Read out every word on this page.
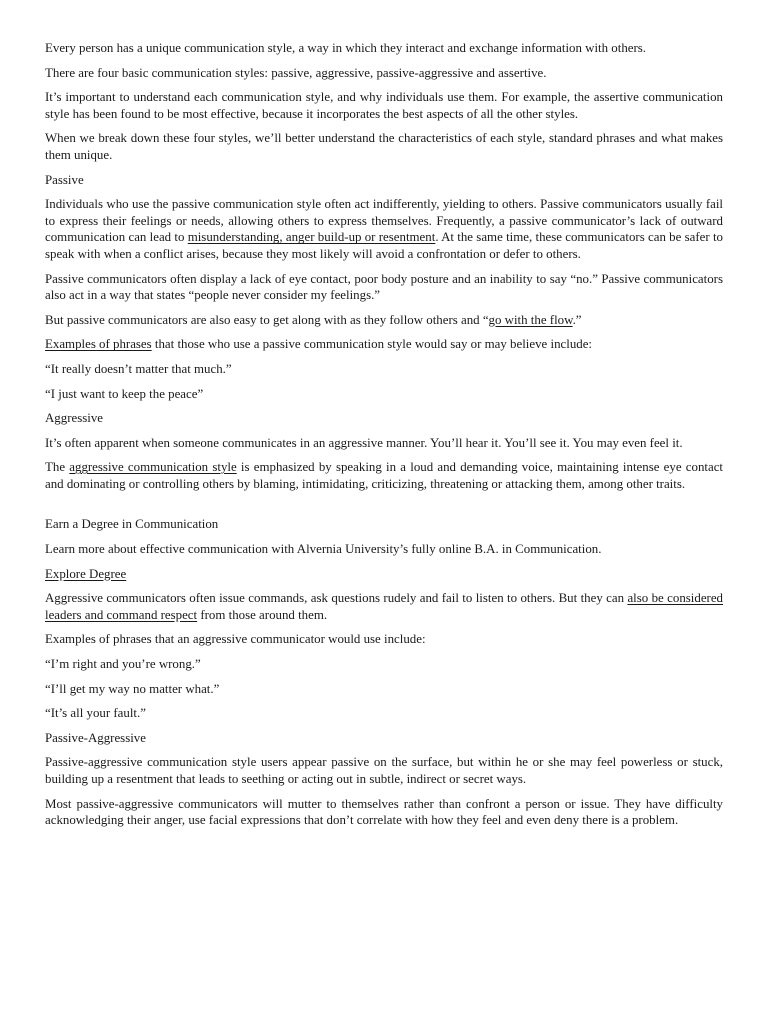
Every person has a unique communication style, a way in which they interact and exchange information with others.

There are four basic communication styles: passive, aggressive, passive-aggressive and assertive.

It’s important to understand each communication style, and why individuals use them. For example, the assertive communication style has been found to be most effective, because it incorporates the best aspects of all the other styles.

When we break down these four styles, we’ll better understand the characteristics of each style, standard phrases and what makes them unique.

Passive

Individuals who use the passive communication style often act indifferently, yielding to others. Passive communicators usually fail to express their feelings or needs, allowing others to express themselves. Frequently, a passive communicator’s lack of outward communication can lead to misunderstanding, anger build-up or resentment. At the same time, these communicators can be safer to speak with when a conflict arises, because they most likely will avoid a confrontation or defer to others.

Passive communicators often display a lack of eye contact, poor body posture and an inability to say “no.” Passive communicators also act in a way that states “people never consider my feelings.”

But passive communicators are also easy to get along with as they follow others and “go with the flow.”

Examples of phrases that those who use a passive communication style would say or may believe include:

“It really doesn’t matter that much.”

“I just want to keep the peace”

Aggressive

It’s often apparent when someone communicates in an aggressive manner. You’ll hear it. You’ll see it. You may even feel it.

The aggressive communication style is emphasized by speaking in a loud and demanding voice, maintaining intense eye contact and dominating or controlling others by blaming, intimidating, criticizing, threatening or attacking them, among other traits.

Earn a Degree in Communication

Learn more about effective communication with Alvernia University’s fully online B.A. in Communication.

Explore Degree

Aggressive communicators often issue commands, ask questions rudely and fail to listen to others. But they can also be considered leaders and command respect from those around them.

Examples of phrases that an aggressive communicator would use include:

“I’m right and you’re wrong.”

“I’ll get my way no matter what.”

“It’s all your fault.”

Passive-Aggressive

Passive-aggressive communication style users appear passive on the surface, but within he or she may feel powerless or stuck, building up a resentment that leads to seething or acting out in subtle, indirect or secret ways.

Most passive-aggressive communicators will mutter to themselves rather than confront a person or issue. They have difficulty acknowledging their anger, use facial expressions that don’t correlate with how they feel and even deny there is a problem.
